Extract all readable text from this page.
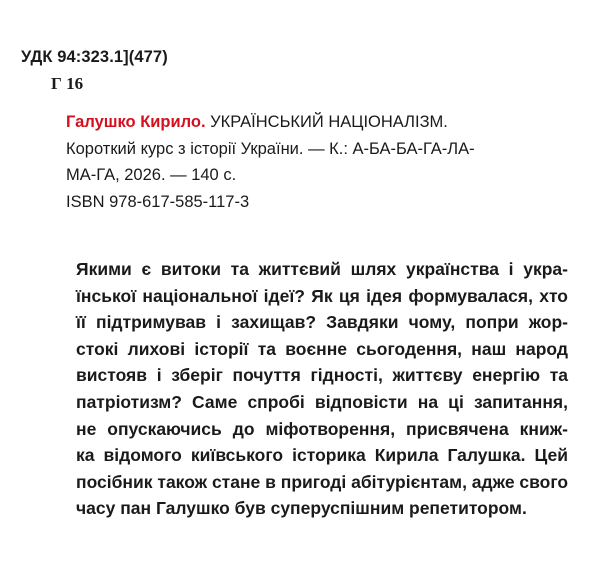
УДК 94:323.1](477)
Г 16
Галушко Кирило. УКРАЇНСЬКИЙ НАЦІОНАЛІЗМ.
Короткий курс з історії України. — К.: А-БА-БА-ГА-ЛА-
МА-ГА, 2026. — 140 с.
ISBN 978-617-585-117-3
Якими є витоки та життєвий шлях українства і укра-
їнської національної ідеї? Як ця ідея формувалася, хто
її підтримував і захищав? Завдяки чому, попри жор-
стокі лихові історії та воєнне сьогодення, наш народ
вистояв і зберіг почуття гідності, життєву енергію та
патріотизм? Саме спробі відповісти на ці запитання,
не опускаючись до міфотворення, присвячена книж-
ка відомого київського історика Кирила Галушка. Цей
посібник також стане в пригоді абітурієнтам, адже свого
часу пан Галушко був суперуспішним репетитором.
